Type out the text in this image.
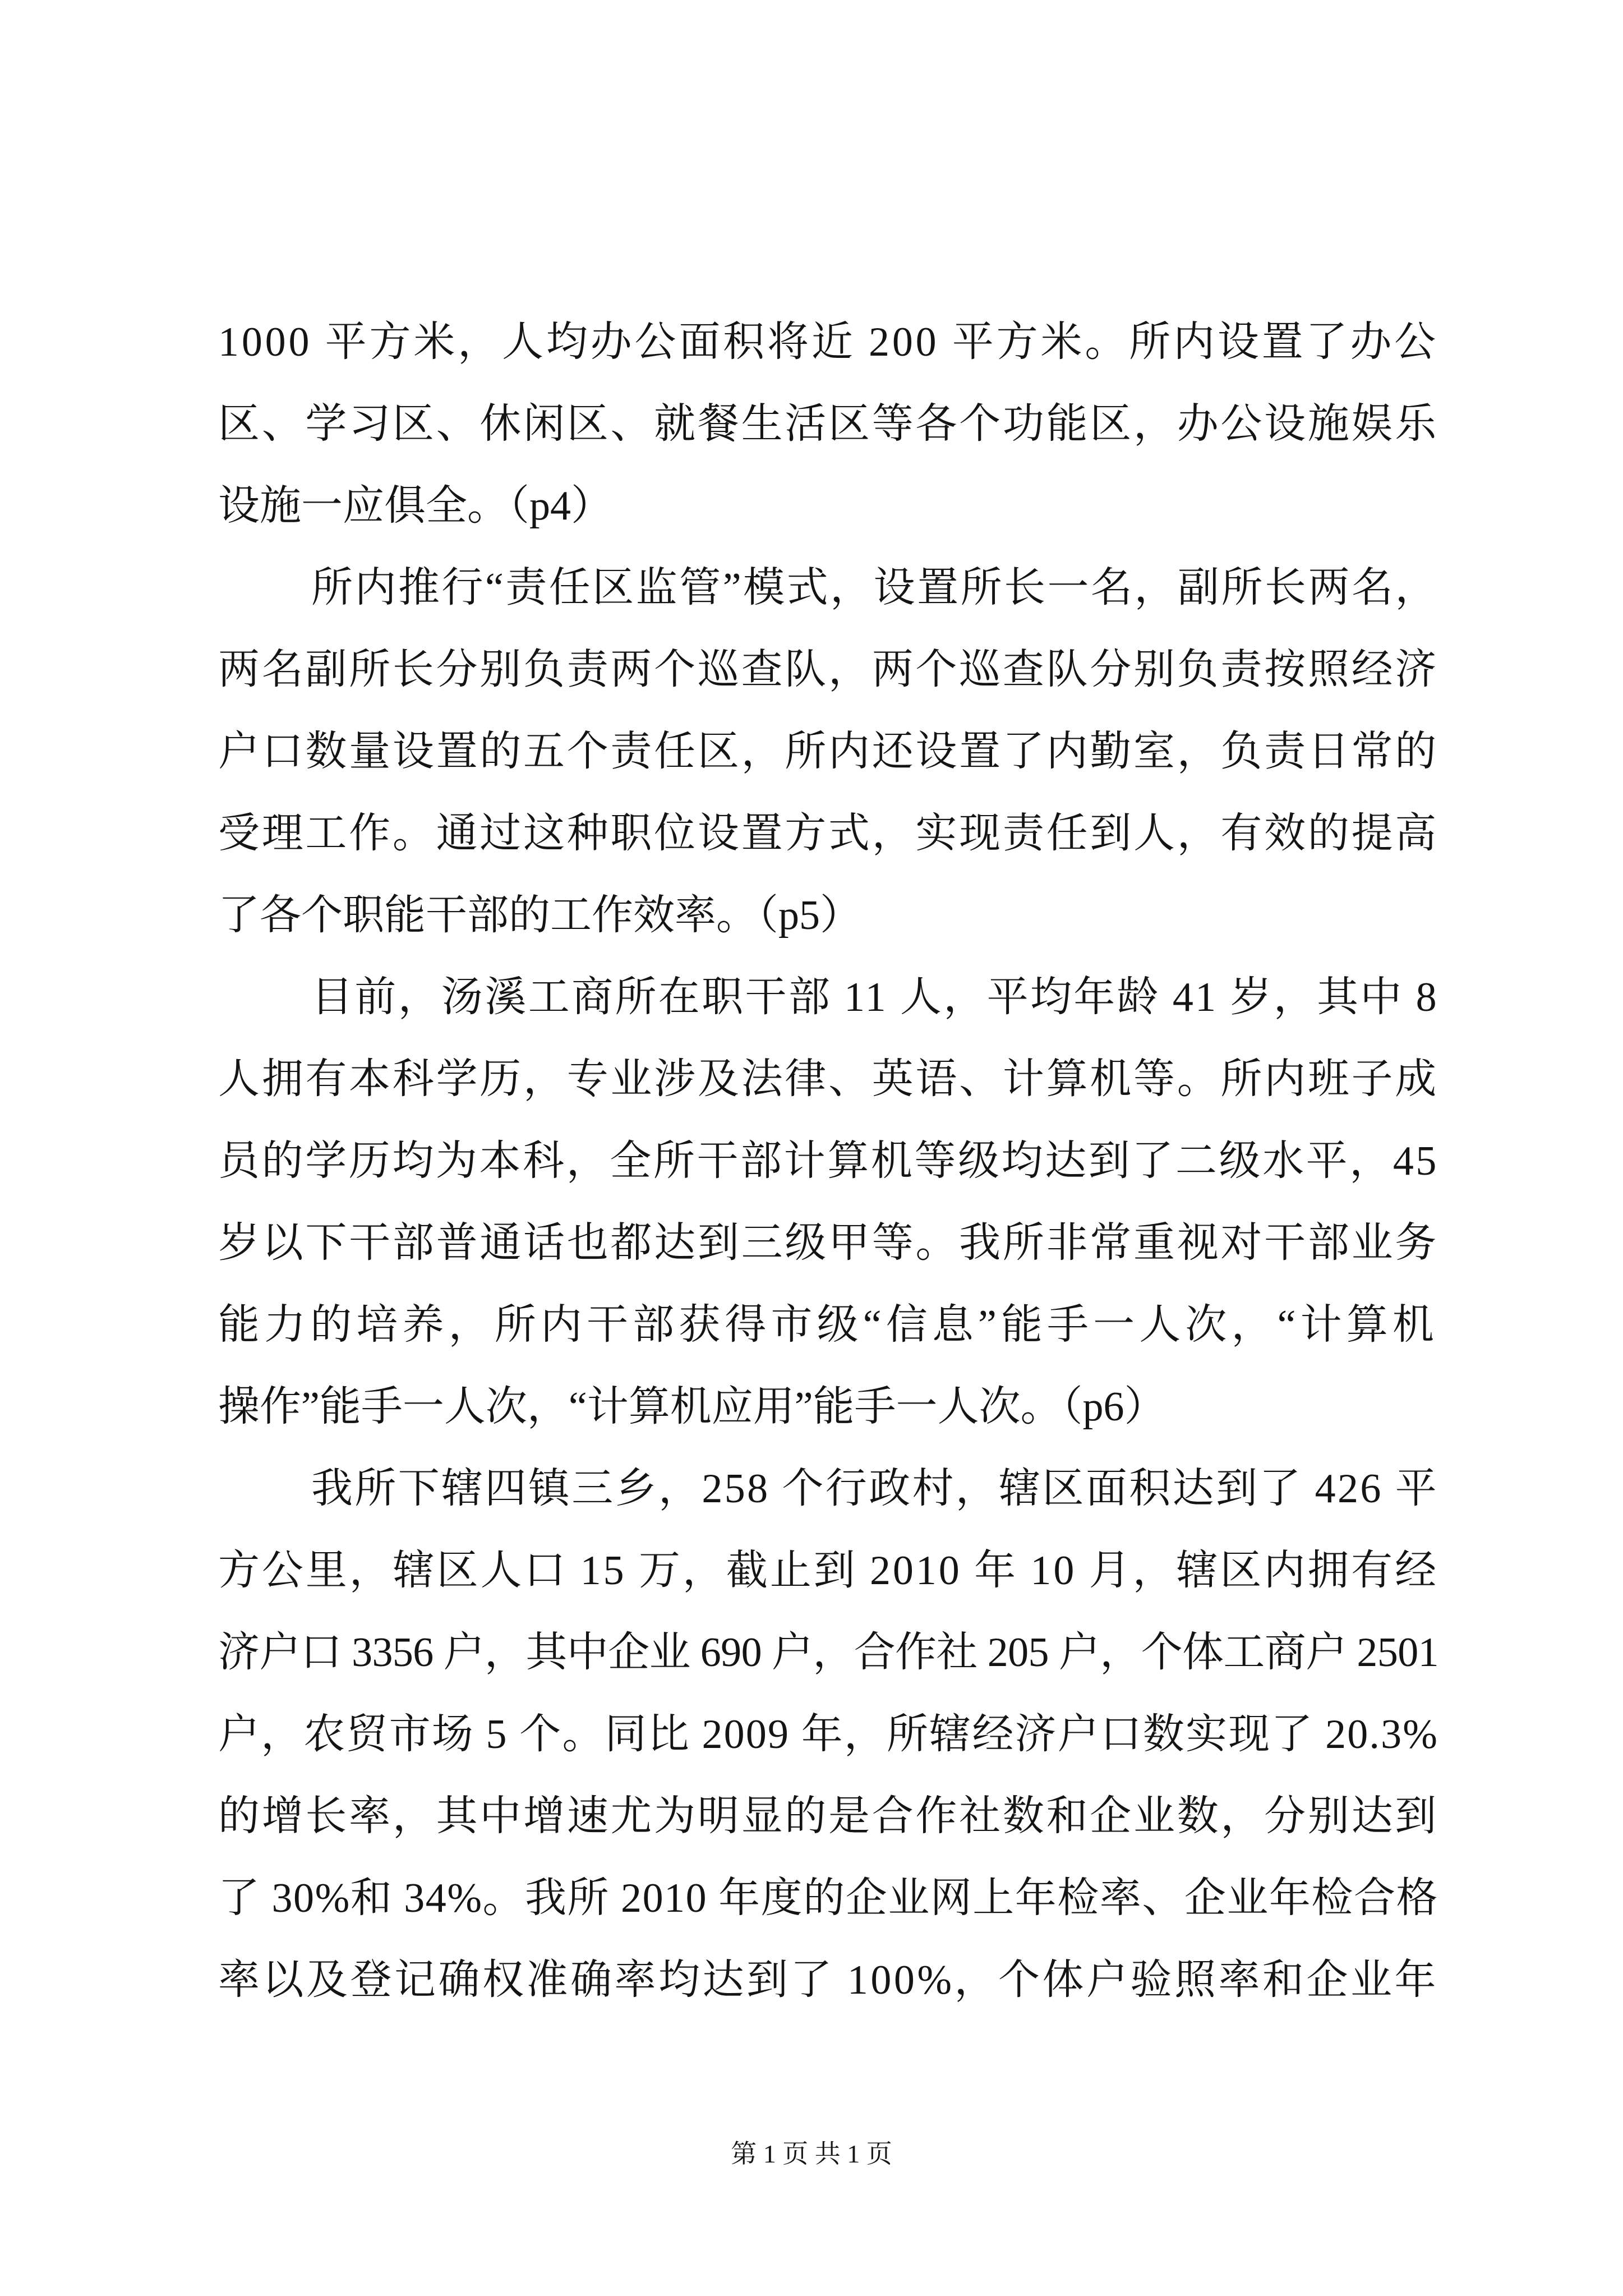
1000 平方米，人均办公面积将近 200 平方米。所内设置了办公
区、学习区、休闲区、就餐生活区等各个功能区，办公设施娱乐
设施一应俱全。（p4）
所内推行“责任区监管”模式，设置所长一名，副所长两名，
两名副所长分别负责两个巡查队，两个巡查队分别负责按照经济
户口数量设置的五个责任区，所内还设置了内勤室，负责日常的
受理工作。通过这种职位设置方式，实现责任到人，有效的提高
了各个职能干部的工作效率。（p5）
目前，汤溪工商所在职干部 11 人，平均年龄 41 岁，其中 8
人拥有本科学历，专业涉及法律、英语、计算机等。所内班子成
员的学历均为本科，全所干部计算机等级均达到了二级水平，45
岁以下干部普通话也都达到三级甲等。我所非常重视对干部业务
能力的培养，所内干部获得市级“信息”能手一人次，“计算机
操作”能手一人次，“计算机应用”能手一人次。（p6）
我所下辖四镇三乡，258 个行政村，辖区面积达到了 426 平
方公里，辖区人口 15 万，截止到 2010 年 10 月，辖区内拥有经
济户口 3356 户，其中企业 690 户，合作社 205 户，个体工商户 2501
户，农贸市场 5 个。同比 2009 年，所辖经济户口数实现了 20.3%
的增长率，其中增速尤为明显的是合作社数和企业数，分别达到
了 30%和 34%。我所 2010 年度的企业网上年检率、企业年检合格
率以及登记确权准确率均达到了 100%，个体户验照率和企业年
第 1 页 共 1 页
